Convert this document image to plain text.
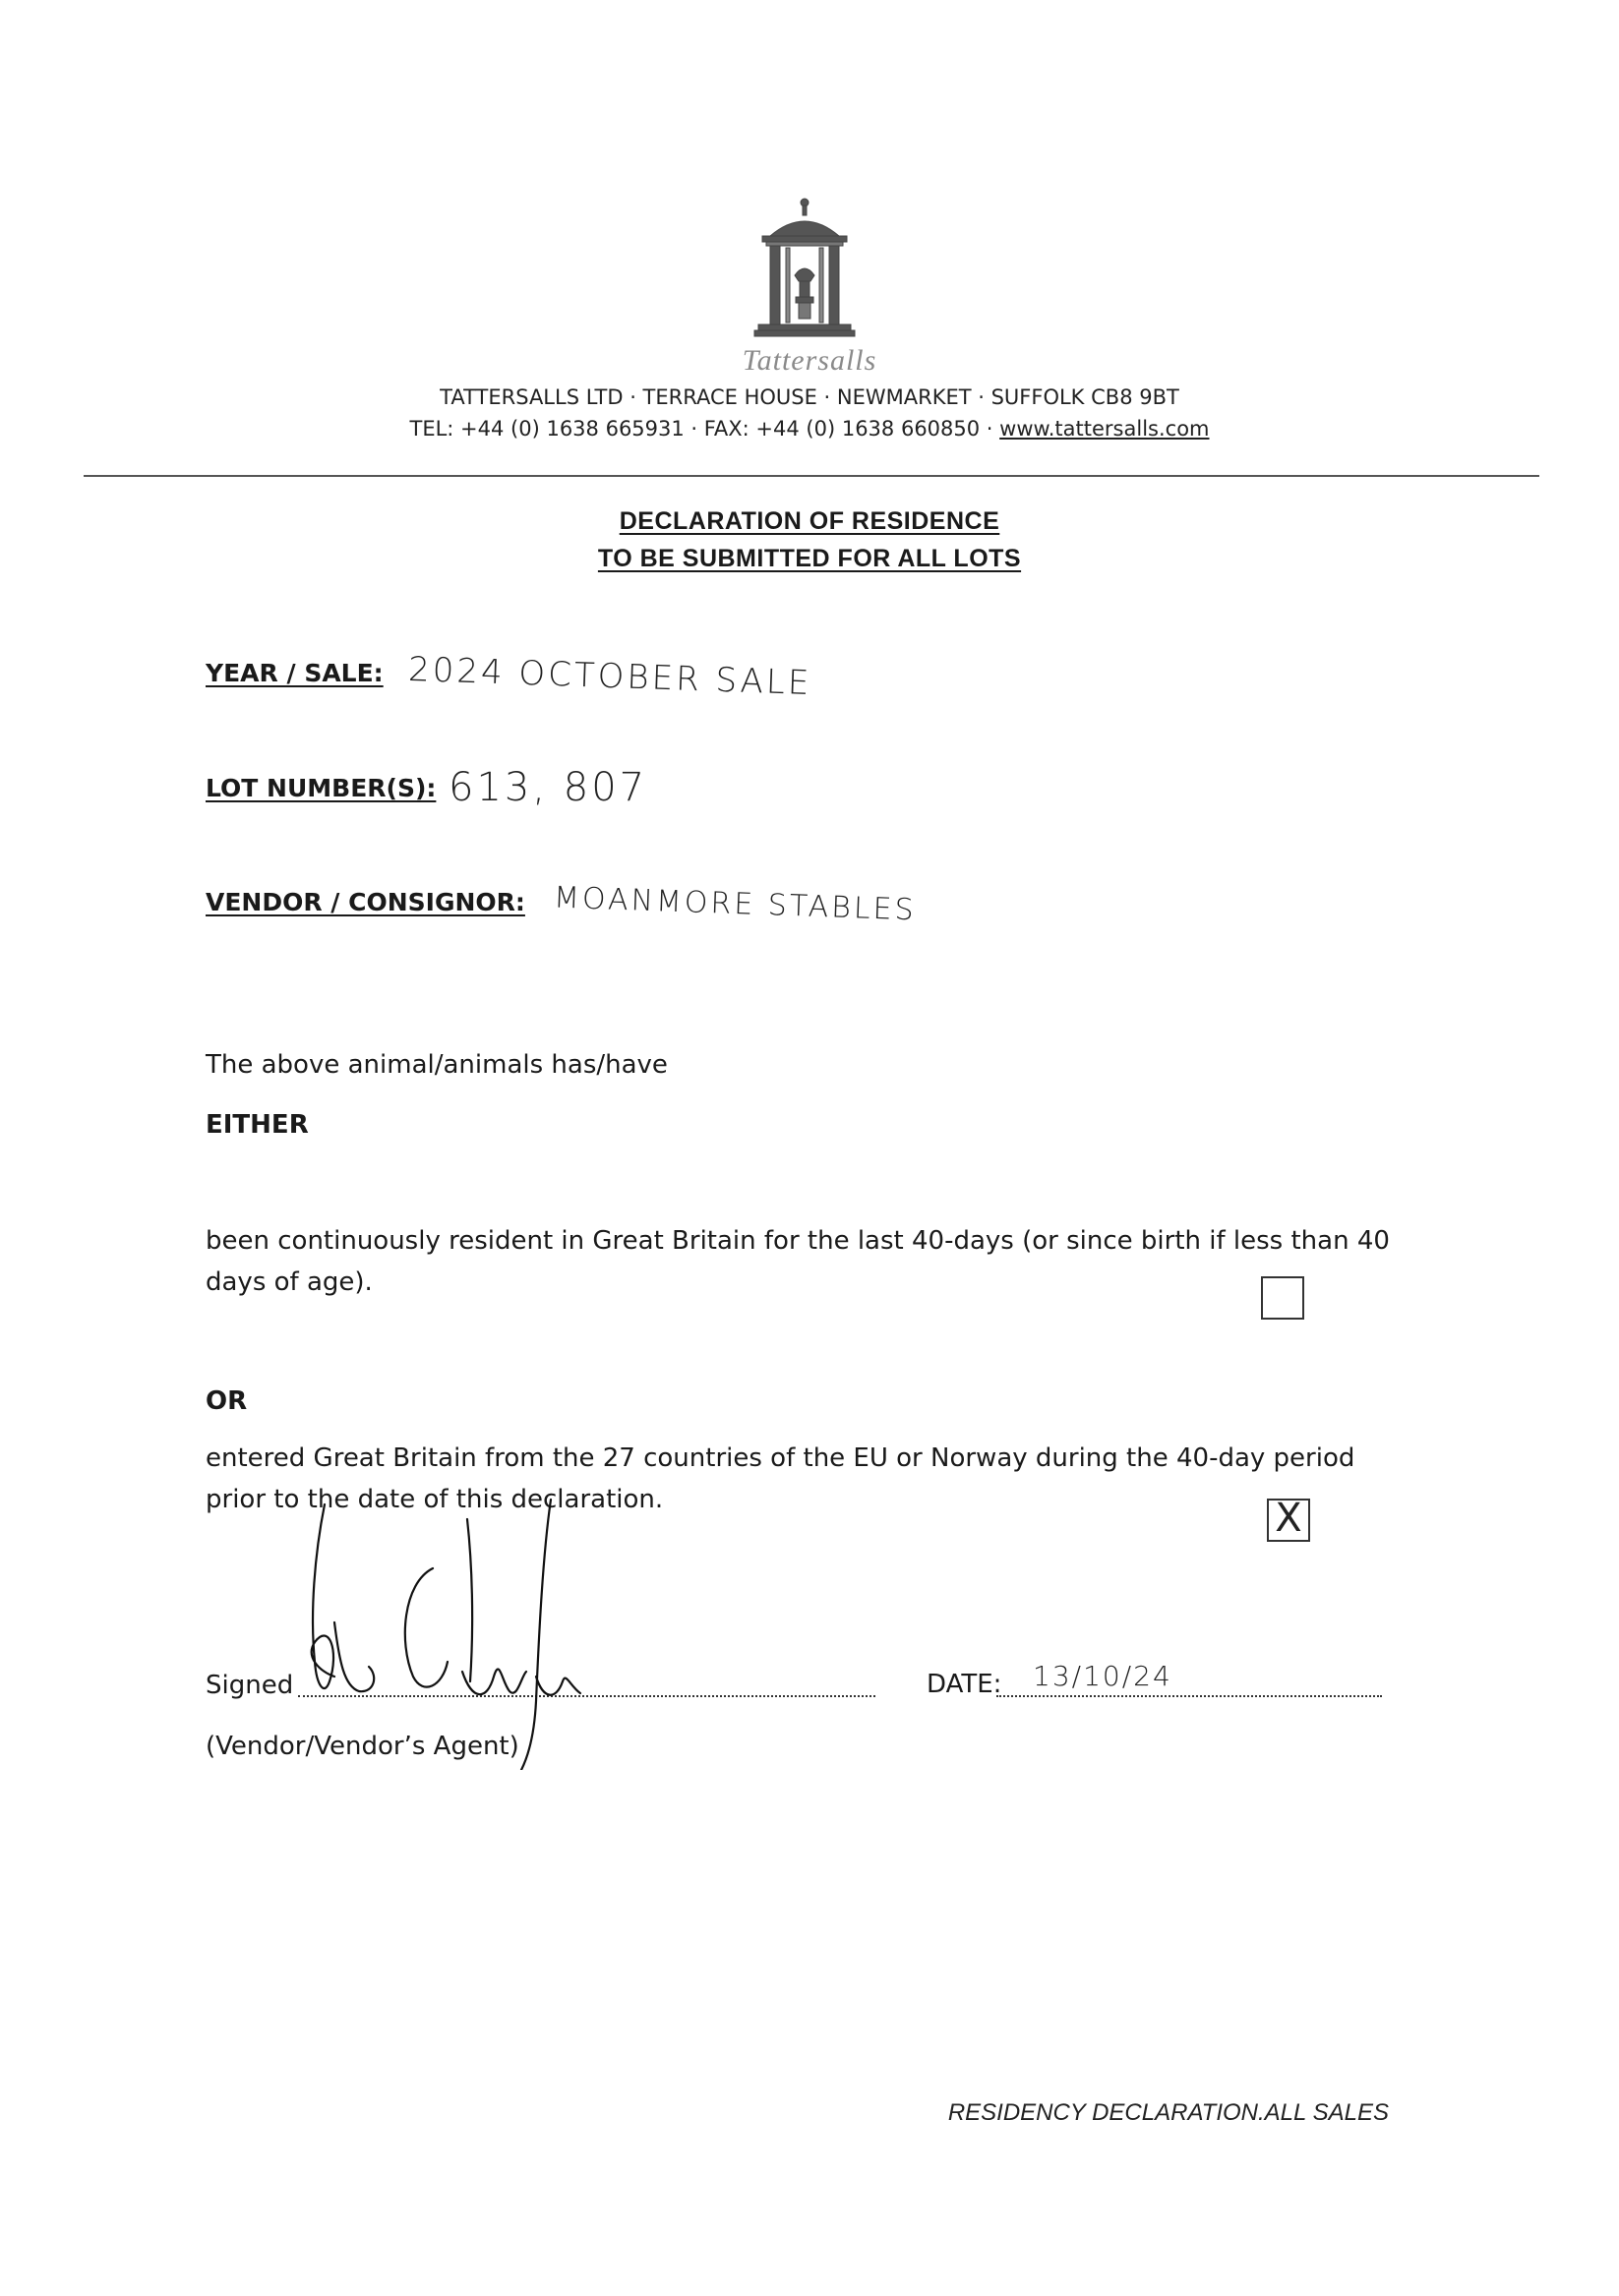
Tattersalls
TATTERSALLS LTD · TERRACE HOUSE · NEWMARKET · SUFFOLK CB8 9BT
TEL: +44 (0) 1638 665931 · FAX: +44 (0) 1638 660850 · www.tattersalls.com
DECLARATION OF RESIDENCE
TO BE SUBMITTED FOR ALL LOTS
YEAR / SALE: 2024 OCTOBER SALE
LOT NUMBER(S): 613, 807
VENDOR / CONSIGNOR: MOANMORE STABLES
The above animal/animals has/have
EITHER
been continuously resident in Great Britain for the last 40-days (or since birth if less than 40
days of age).
OR
entered Great Britain from the 27 countries of the EU or Norway during the 40-day period
prior to the date of this declaration.	X
Signed
(Vendor/Vendor’s Agent)
DATE: 13/10/24
RESIDENCY DECLARATION.ALL SALES
